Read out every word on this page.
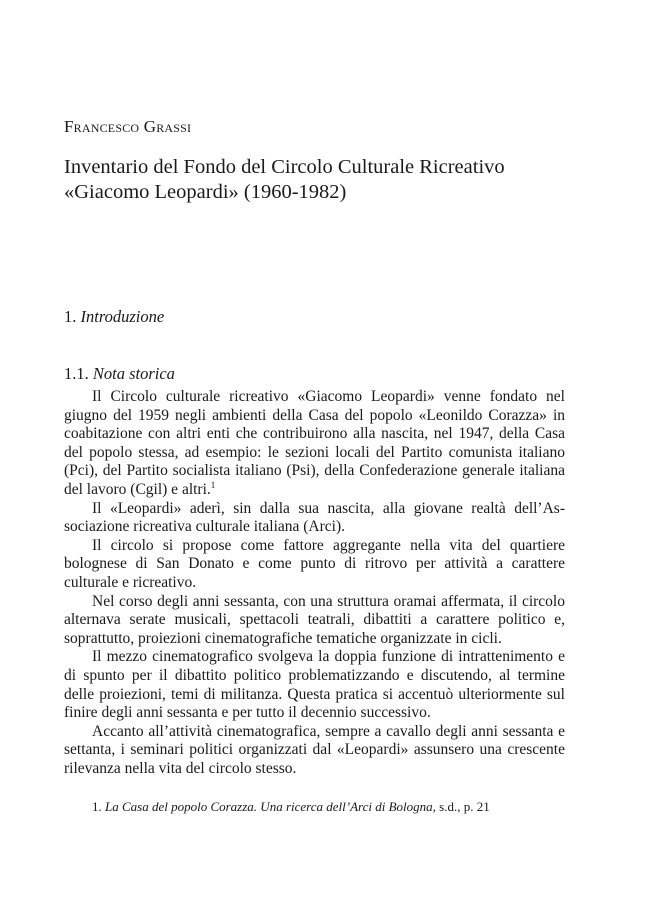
Francesco Grassi
Inventario del Fondo del Circolo Culturale Ricreativo
«Giacomo Leopardi» (1960-1982)
1. Introduzione
1.1. Nota storica

Il Circolo culturale ricreativo «Giacomo Leopardi» venne fondato nel giugno del 1959 negli ambienti della Casa del popolo «Leonildo Corazza» in coabitazione con altri enti che contribuirono alla nascita, nel 1947, della Casa del popolo stessa, ad esempio: le sezioni locali del Partito comunista italiano (Pci), del Partito socialista italiano (Psi), della Confederazione generale italiana del lavoro (Cgil) e altri.$^1$

Il «Leopardi» aderì, sin dalla sua nascita, alla giovane realtà dell’Associazione ricreativa culturale italiana (Arci).

Il circolo si propose come fattore aggregante nella vita del quartiere bolognese di San Donato e come punto di ritrovo per attività a carattere culturale e ricreativo.

Nel corso degli anni sessanta, con una struttura oramai affermata, il circolo alternava serate musicali, spettacoli teatrali, dibattiti a carattere politico e, soprattutto, proiezioni cinematografiche tematiche organizzate in cicli.

Il mezzo cinematografico svolgeva la doppia funzione di intrattenimento e di spunto per il dibattito politico problematizzando e discutendo, al termine delle proiezioni, temi di militanza. Questa pratica si accentuò ulteriormente sul finire degli anni sessanta e per tutto il decennio successivo.

Accanto all’attività cinematografica, sempre a cavallo degli anni sessanta e settanta, i seminari politici organizzati dal «Leopardi» assunsero una crescente rilevanza nella vita del circolo stesso.

1. La Casa del popolo Corazza. Una ricerca dell’Arci di Bologna, s.d., p. 21
